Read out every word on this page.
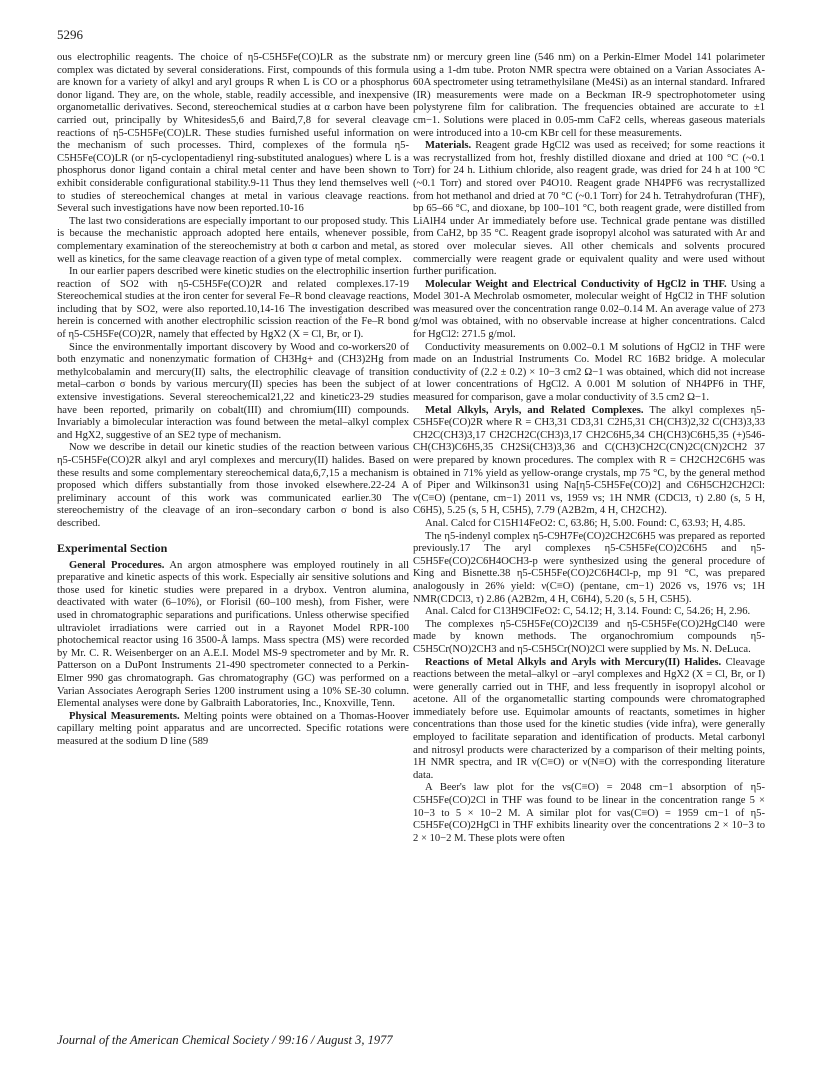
5296

ous electrophilic reagents. The choice of η5-C5H5Fe(CO)LR as the substrate complex was dictated by several considerations. First, compounds of this formula are known for a variety of alkyl and aryl groups R when L is CO or a phosphorus donor ligand. They are, on the whole, stable, readily accessible, and inexpensive organometallic derivatives. Second, stereochemical studies at α carbon have been carried out, principally by Whitesides5,6 and Baird,7,8 for several cleavage reactions of η5-C5H5Fe(CO)LR. These studies furnished useful information on the mechanism of such processes. Third, complexes of the formula η5-C5H5Fe(CO)LR (or η5-cyclopentadienyl ring-substituted analogues) where L is a phosphorus donor ligand contain a chiral metal center and have been shown to exhibit considerable configurational stability.9-11 Thus they lend themselves well to studies of stereochemical changes at metal in various cleavage reactions. Several such investigations have now been reported.10-16

The last two considerations are especially important to our proposed study. This is because the mechanistic approach adopted here entails, whenever possible, complementary examination of the stereochemistry at both α carbon and metal, as well as kinetics, for the same cleavage reaction of a given type of metal complex.

In our earlier papers described were kinetic studies on the electrophilic insertion reaction of SO2 with η5-C5H5Fe(CO)2R and related complexes.17-19 Stereochemical studies at the iron center for several Fe–R bond cleavage reactions, including that by SO2, were also reported.10,14-16 The investigation described herein is concerned with another electrophilic scission reaction of the Fe–R bond of η5-C5H5Fe(CO)2R, namely that effected by HgX2 (X = Cl, Br, or I).

Since the environmentally important discovery by Wood and co-workers20 of both enzymatic and nonenzymatic formation of CH3Hg+ and (CH3)2Hg from methylcobalamin and mercury(II) salts, the electrophilic cleavage of transition metal–carbon σ bonds by various mercury(II) species has been the subject of extensive investigations. Several stereochemical21,22 and kinetic23-29 studies have been reported, primarily on cobalt(III) and chromium(III) compounds. Invariably a bimolecular interaction was found between the metal–alkyl complex and HgX2, suggestive of an SE2 type of mechanism.

Now we describe in detail our kinetic studies of the reaction between various η5-C5H5Fe(CO)2R alkyl and aryl complexes and mercury(II) halides. Based on these results and some complementary stereochemical data,6,7,15 a mechanism is proposed which differs substantially from those invoked elsewhere.22-24 A preliminary account of this work was communicated earlier.30 The stereochemistry of the cleavage of an iron–secondary carbon σ bond is also described.

Experimental Section

General Procedures. An argon atmosphere was employed routinely in all preparative and kinetic aspects of this work. Especially air sensitive solutions and those used for kinetic studies were prepared in a drybox. Ventron alumina, deactivated with water (6–10%), or Florisil (60–100 mesh), from Fisher, were used in chromatographic separations and purifications. Unless otherwise specified ultraviolet irradiations were carried out in a Rayonet Model RPR-100 photochemical reactor using 16 3500-Å lamps. Mass spectra (MS) were recorded by Mr. C. R. Weisenberger on an A.E.I. Model MS-9 spectrometer and by Mr. R. Patterson on a DuPont Instruments 21-490 spectrometer connected to a Perkin-Elmer 990 gas chromatograph. Gas chromatography (GC) was performed on a Varian Associates Aerograph Series 1200 instrument using a 10% SE-30 column. Elemental analyses were done by Galbraith Laboratories, Inc., Knoxville, Tenn.

Physical Measurements. Melting points were obtained on a Thomas-Hoover capillary melting point apparatus and are uncorrected. Specific rotations were measured at the sodium D line (589

nm) or mercury green line (546 nm) on a Perkin-Elmer Model 141 polarimeter using a 1-dm tube. Proton NMR spectra were obtained on a Varian Associates A-60A spectrometer using tetramethylsilane (Me4Si) as an internal standard. Infrared (IR) measurements were made on a Beckman IR-9 spectrophotometer using polystyrene film for calibration. The frequencies obtained are accurate to ±1 cm−1. Solutions were placed in 0.05-mm CaF2 cells, whereas gaseous materials were introduced into a 10-cm KBr cell for these measurements.

Materials. Reagent grade HgCl2 was used as received; for some reactions it was recrystallized from hot, freshly distilled dioxane and dried at 100 °C (~0.1 Torr) for 24 h. Lithium chloride, also reagent grade, was dried for 24 h at 100 °C (~0.1 Torr) and stored over P4O10. Reagent grade NH4PF6 was recrystallized from hot methanol and dried at 70 °C (~0.1 Torr) for 24 h. Tetrahydrofuran (THF), bp 65–66 °C, and dioxane, bp 100–101 °C, both reagent grade, were distilled from LiAlH4 under Ar immediately before use. Technical grade pentane was distilled from CaH2, bp 35 °C. Reagent grade isopropyl alcohol was saturated with Ar and stored over molecular sieves. All other chemicals and solvents procured commercially were reagent grade or equivalent quality and were used without further purification.

Molecular Weight and Electrical Conductivity of HgCl2 in THF. Using a Model 301-A Mechrolab osmometer, molecular weight of HgCl2 in THF solution was measured over the concentration range 0.02–0.14 M. An average value of 273 g/mol was obtained, with no observable increase at higher concentrations. Calcd for HgCl2: 271.5 g/mol.

Conductivity measurements on 0.002–0.1 M solutions of HgCl2 in THF were made on an Industrial Instruments Co. Model RC 16B2 bridge. A molecular conductivity of (2.2 ± 0.2) × 10−3 cm2 Ω−1 was obtained, which did not increase at lower concentrations of HgCl2. A 0.001 M solution of NH4PF6 in THF, measured for comparison, gave a molar conductivity of 3.5 cm2 Ω−1.

Metal Alkyls, Aryls, and Related Complexes. The alkyl complexes η5-C5H5Fe(CO)2R where R = CH3,31 CD3,31 C2H5,31 CH(CH3)2,32 C(CH3)3,33 CH2C(CH3)3,17 CH2CH2C(CH3)3,17 CH2C6H5,34 CH(CH3)C6H5,35 (+)546-CH(CH3)C6H5,35 CH2Si(CH3)3,36 and C(CH3)CH2C(CN)2C(CN)2CH2 37 were prepared by known procedures. The complex with R = CH2CH2C6H5 was obtained in 71% yield as yellow-orange crystals, mp 75 °C, by the general method of Piper and Wilkinson31 using Na[η5-C5H5Fe(CO)2] and C6H5CH2CH2Cl: ν(C≡O) (pentane, cm−1) 2011 vs, 1959 vs; 1H NMR (CDCl3, τ) 2.80 (s, 5 H, C6H5), 5.25 (s, 5 H, C5H5), 7.79 (A2B2m, 4 H, CH2CH2).

Anal. Calcd for C15H14FeO2: C, 63.86; H, 5.00. Found: C, 63.93; H, 4.85.

The η5-indenyl complex η5-C9H7Fe(CO)2CH2C6H5 was prepared as reported previously.17 The aryl complexes η5-C5H5Fe(CO)2C6H5 and η5-C5H5Fe(CO)2C6H4OCH3-p were synthesized using the general procedure of King and Bisnette.38 η5-C5H5Fe(CO)2C6H4Cl-p, mp 91 °C, was prepared analogously in 26% yield: ν(C≡O) (pentane, cm−1) 2026 vs, 1976 vs; 1H NMR(CDCl3, τ) 2.86 (A2B2m, 4 H, C6H4), 5.20 (s, 5 H, C5H5).

Anal. Calcd for C13H9ClFeO2: C, 54.12; H, 3.14. Found: C, 54.26; H, 2.96.

The complexes η5-C5H5Fe(CO)2Cl39 and η5-C5H5Fe(CO)2HgCl40 were made by known methods. The organochromium compounds η5-C5H5Cr(NO)2CH3 and η5-C5H5Cr(NO)2Cl were supplied by Ms. N. DeLuca.

Reactions of Metal Alkyls and Aryls with Mercury(II) Halides. Cleavage reactions between the metal–alkyl or –aryl complexes and HgX2 (X = Cl, Br, or I) were generally carried out in THF, and less frequently in isopropyl alcohol or acetone. All of the organometallic starting compounds were chromatographed immediately before use. Equimolar amounts of reactants, sometimes in higher concentrations than those used for the kinetic studies (vide infra), were generally employed to facilitate separation and identification of products. Metal carbonyl and nitrosyl products were characterized by a comparison of their melting points, 1H NMR spectra, and IR ν(C≡O) or ν(N≡O) with the corresponding literature data.

A Beer's law plot for the νs(C≡O) = 2048 cm−1 absorption of η5-C5H5Fe(CO)2Cl in THF was found to be linear in the concentration range 5 × 10−3 to 5 × 10−2 M. A similar plot for νas(C≡O) = 1959 cm−1 of η5-C5H5Fe(CO)2HgCl in THF exhibits linearity over the concentrations 2 × 10−3 to 2 × 10−2 M. These plots were often

Journal of the American Chemical Society / 99:16 / August 3, 1977
